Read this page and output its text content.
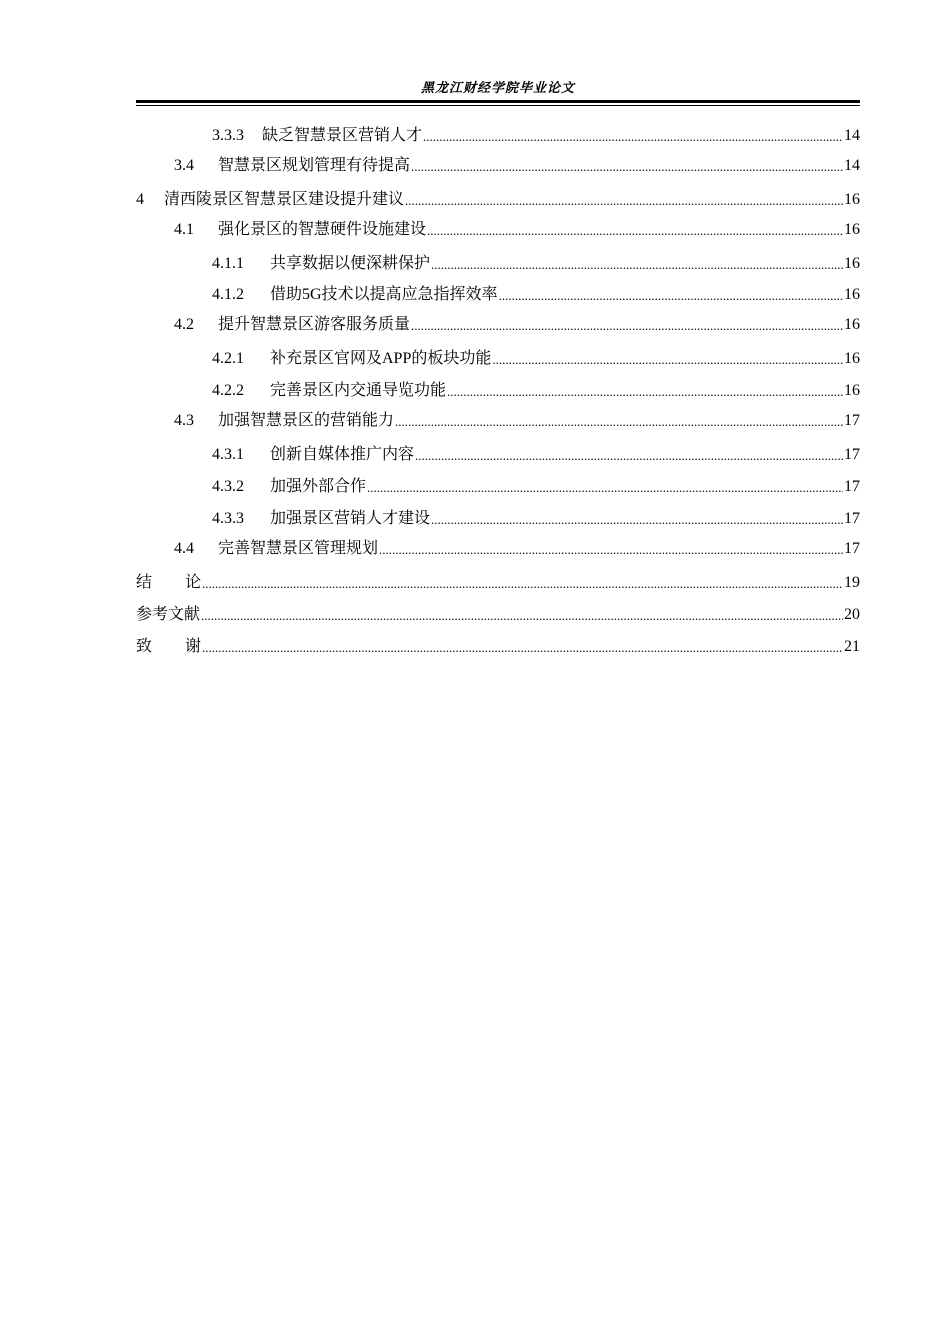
黑龙江财经学院毕业论文
3.3.3	缺乏智慧景区营销人才 .....	14
3.4	智慧景区规划管理有待提高 .....	14
4	清西陵景区智慧景区建设提升建议 .....	16
4.1	强化景区的智慧硬件设施建设 .....	16
4.1.1	共享数据以便深耕保护 .....	16
4.1.2	借助5G技术以提高应急指挥效率 .....	16
4.2	提升智慧景区游客服务质量 .....	16
4.2.1	补充景区官网及APP的板块功能 .....	16
4.2.2	完善景区内交通导览功能 .....	16
4.3	加强智慧景区的营销能力 .....	17
4.3.1	创新自媒体推广内容 .....	17
4.3.2	加强外部合作 .....	17
4.3.3	加强景区营销人才建设 .....	17
4.4	完善智慧景区管理规划 .....	17
结论 .....	19
参考文献 .....	20
致谢 .....	21
